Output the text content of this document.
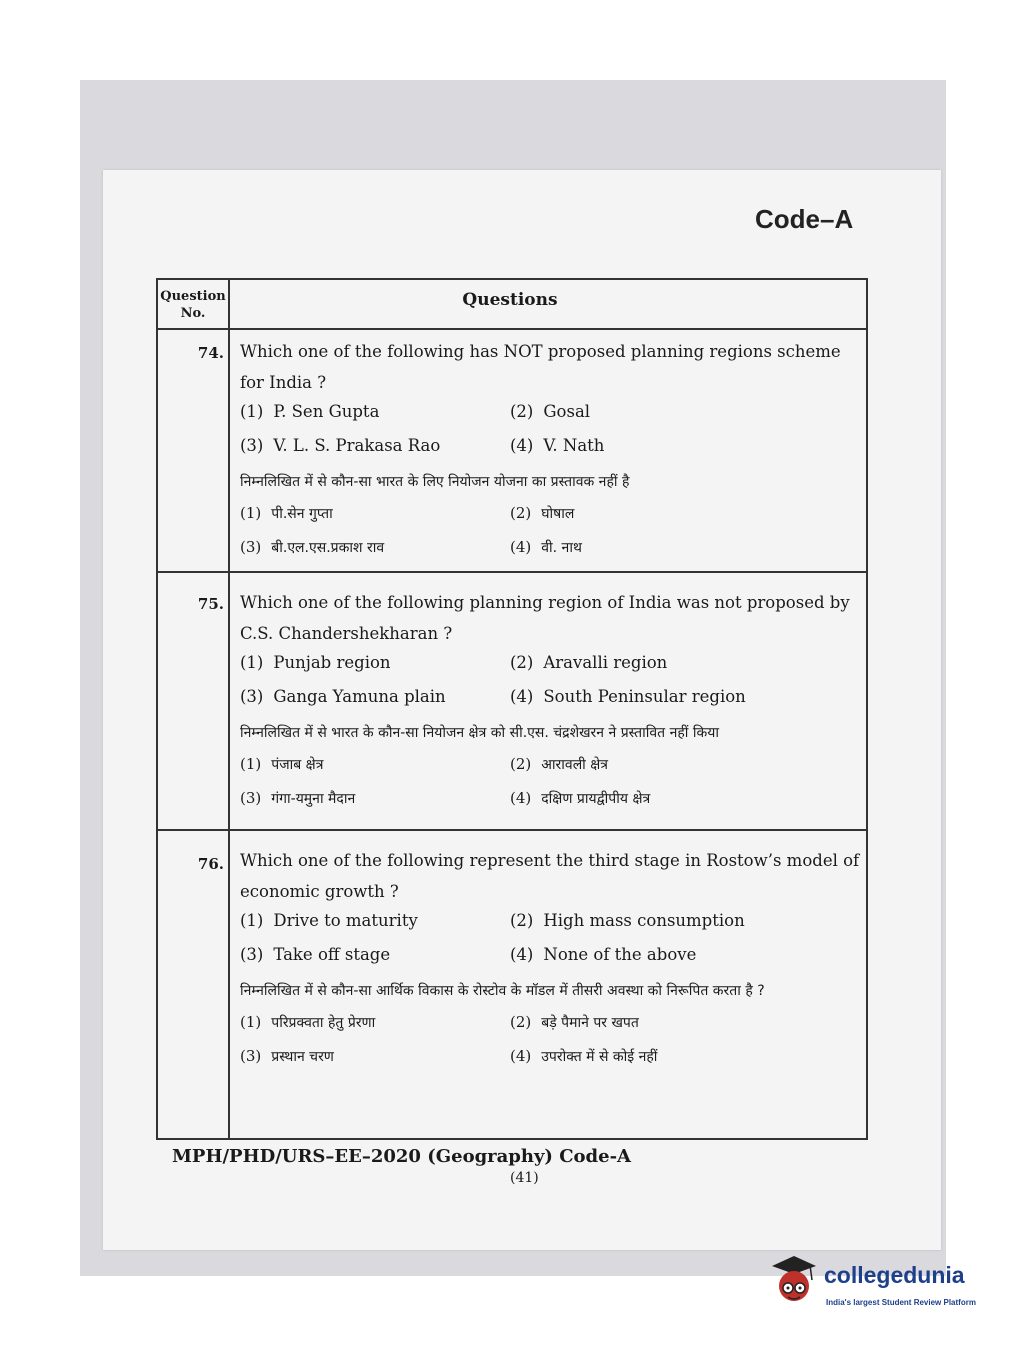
Code–A
Question No.
Questions
74. Which one of the following has NOT proposed planning regions scheme for India ?

(1) P. Sen Gupta	(2) Gosal
(3) V. L. S. Prakasa Rao	(4) V. Nath

निम्नलिखित में से कौन-सा भारत के लिए नियोजन योजना का प्रस्तावक नहीं है

(1) पी.सेन गुप्ता	(2) घोषाल
(3) बी.एल.एस.प्रकाश राव	(4) वी. नाथ
75. Which one of the following planning region of India was not proposed by C.S. Chandershekharan ?

(1) Punjab region	(2) Aravalli region
(3) Ganga Yamuna plain	(4) South Peninsular region

निम्नलिखित में से भारत के कौन-सा नियोजन क्षेत्र को सी.एस. चंद्रशेखरन ने प्रस्तावित नहीं किया

(1) पंजाब क्षेत्र	(2) आरावली क्षेत्र
(3) गंगा-यमुना मैदान	(4) दक्षिण प्रायद्वीपीय क्षेत्र
76. Which one of the following represent the third stage in Rostow’s model of economic growth ?

(1) Drive to maturity	(2) High mass consumption
(3) Take off stage	(4) None of the above

निम्नलिखित में से कौन-सा आर्थिक विकास के रोस्टोव के मॉडल में तीसरी अवस्था को निरूपित करता है ?

(1) परिप्रक्वता हेतु प्रेरणा	(2) बड़े पैमाने पर खपत
(3) प्रस्थान चरण	(4) उपरोक्त में से कोई नहीं
MPH/PHD/URS–EE–2020 (Geography) Code-A
(41)
collegedunia
India's largest Student Review Platform
